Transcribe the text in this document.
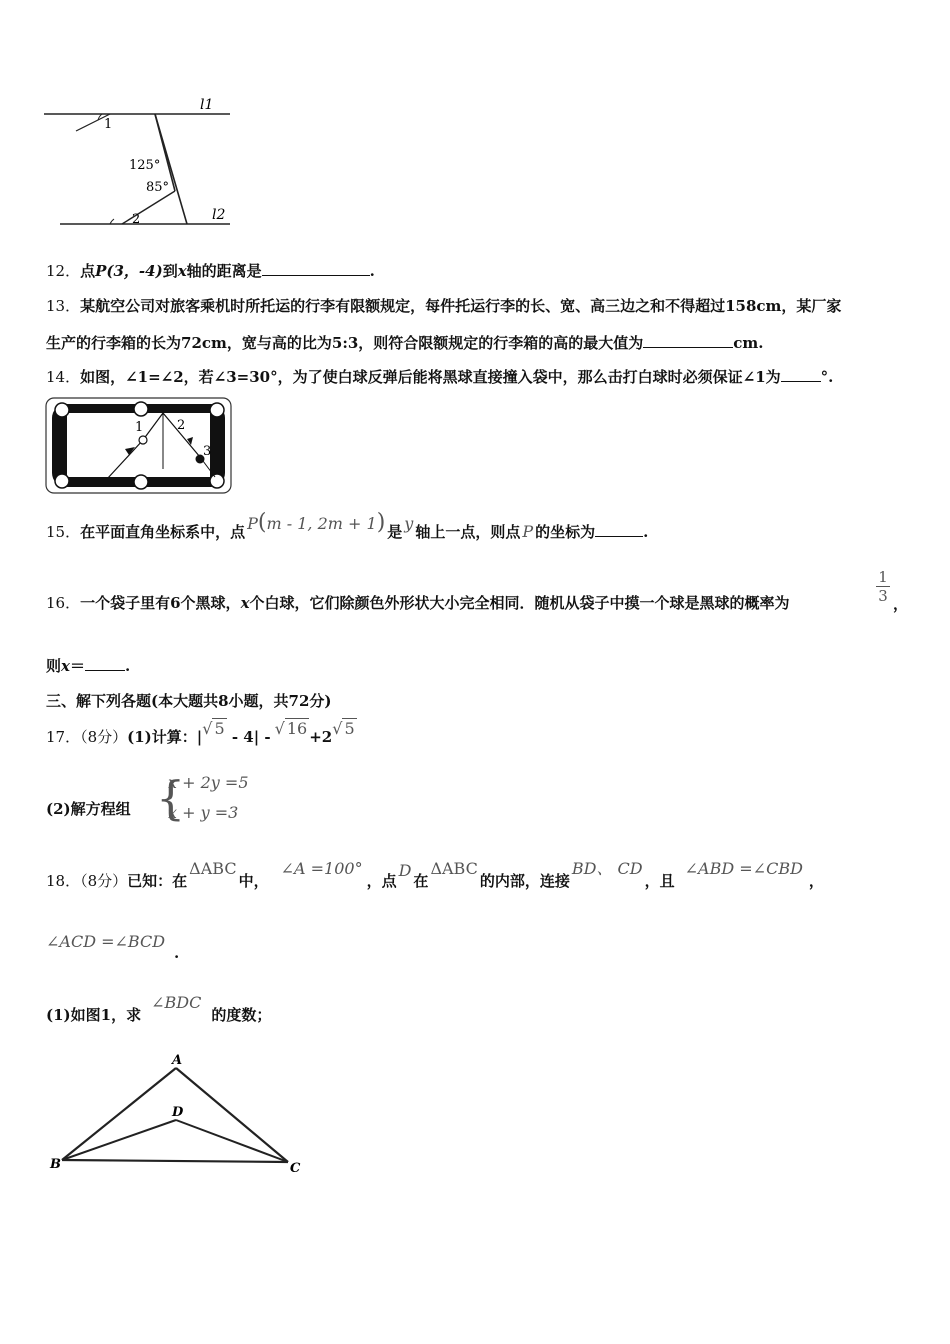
l1
l2
1
2
125°
85°
12．点P(3，-4)到x轴的距离是	.
13．某航空公司对旅客乘机时所托运的行李有限额规定，每件托运行李的长、宽、高三边之和不得超过158cm，某厂家
生产的行李箱的长为72cm，宽与高的比为5:3，则符合限额规定的行李箱的高的最大值为	cm.
14．如图，∠1=∠2，若∠3=30°，为了使白球反弹后能将黑球直接撞入袋中，那么击打白球时必须保证∠1为	°.
1	2
3
15．在平面直角坐标系中，点 P(m - 1, 2m + 1) 是 y 轴上一点，则点 P 的坐标为	.
16．一个袋子里有6个黑球，x个白球，它们除颜色外形状大小完全相同．随机从袋子中摸一个球是黑球的概率为
1
3 ，
则x＝	.
三、解下列各题(本大题共8小题，共72分)
17．（8分）(1)计算：|√ 5 - 4| - √ 16 +2√ 5
(2)解方程组 {
x + 2y =5
x + y =3
18．（8分）已知：在ΔABC中，∠A =100°，点D在ΔABC的内部，连接BD、 CD，且∠ABD =∠CBD，
∠ACD =∠BCD
.
(1)如图1，求∠BDC的度数；
A
B	C
D
